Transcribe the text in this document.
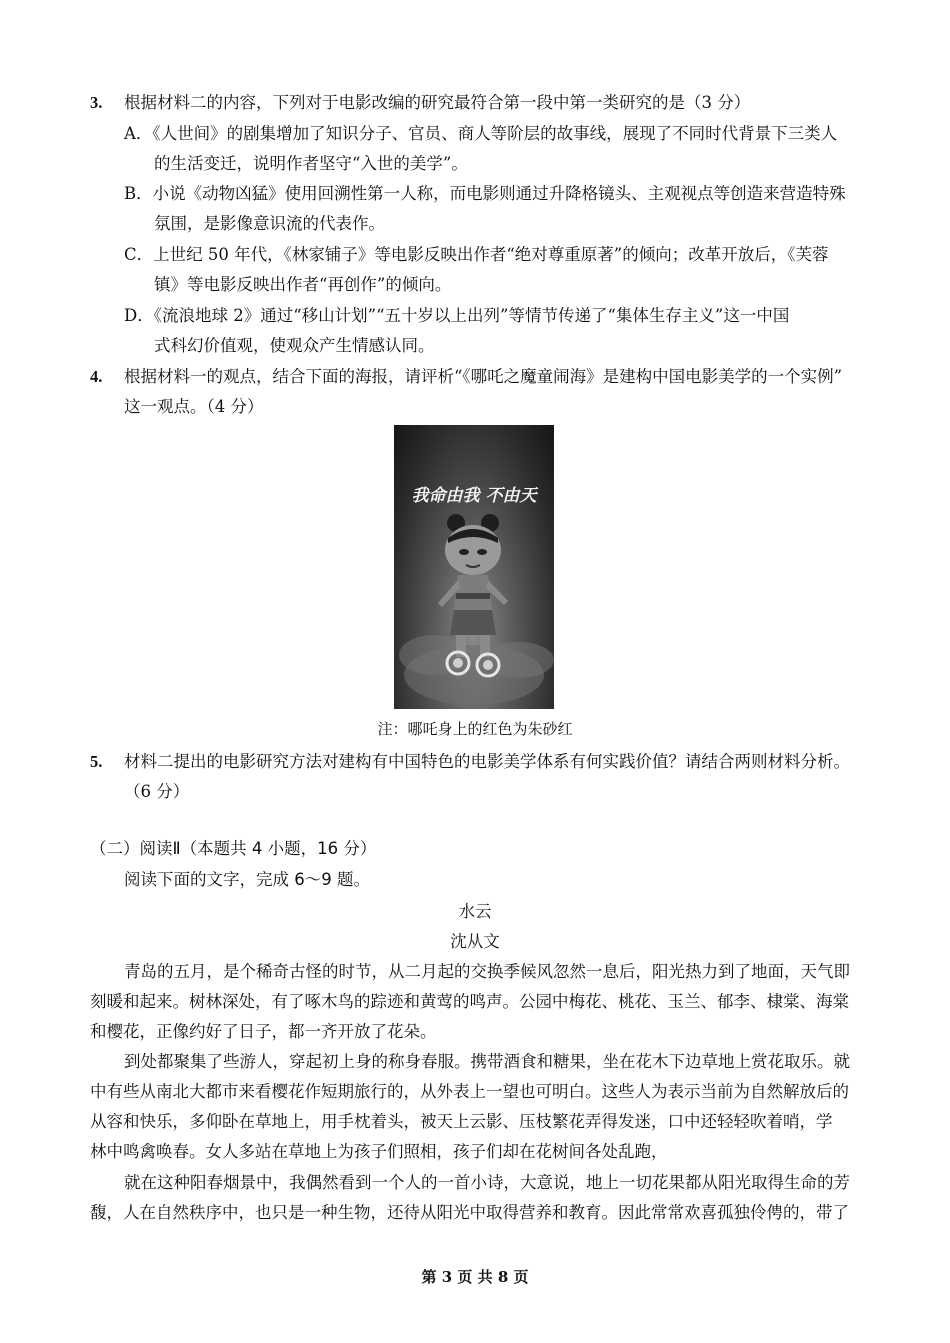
3. 根据材料二的内容，下列对于电影改编的研究最符合第一段中第一类研究的是（3 分）
A．《人世间》的剧集增加了知识分子、官员、商人等阶层的故事线，展现了不同时代背景下三类人
的生活变迁，说明作者坚守“入世的美学”。
B．小说《动物凶猛》使用回溯性第一人称，而电影则通过升降格镜头、主观视点等创造来营造特殊
氛围，是影像意识流的代表作。
C．上世纪 50 年代，《林家铺子》等电影反映出作者“绝对尊重原著”的倾向；改革开放后，《芙蓉
镇》等电影反映出作者“再创作”的倾向。
D．《流浪地球 2》通过“移山计划”“五十岁以上出列”等情节传递了“集体生存主义”这一中国
式科幻价值观，使观众产生情感认同。
4. 根据材料一的观点，结合下面的海报，请评析“《哪吒之魔童闹海》是建构中国电影美学的一个实例”
这一观点。（4 分）
我命由我 不由天
注：哪吒身上的红色为朱砂红
5. 材料二提出的电影研究方法对建构有中国特色的电影美学体系有何实践价值？请结合两则材料分析。
（6 分）
（二）阅读Ⅱ（本题共 4 小题，16 分）
阅读下面的文字，完成 6～9 题。
水云
沈从文
青岛的五月，是个稀奇古怪的时节，从二月起的交换季候风忽然一息后，阳光热力到了地面，天气即
刻暖和起来。树林深处，有了啄木鸟的踪迹和黄莺的鸣声。公园中梅花、桃花、玉兰、郁李、棣棠、海棠
和樱花，正像约好了日子，都一齐开放了花朵。
到处都聚集了些游人，穿起初上身的称身春服。携带酒食和糖果，坐在花木下边草地上赏花取乐。就
中有些从南北大都市来看樱花作短期旅行的，从外表上一望也可明白。这些人为表示当前为自然解放后的
从容和快乐，多仰卧在草地上，用手枕着头，被天上云影、压枝繁花弄得发迷，口中还轻轻吹着哨，学
林中鸣禽唤春。女人多站在草地上为孩子们照相，孩子们却在花树间各处乱跑，
就在这种阳春烟景中，我偶然看到一个人的一首小诗，大意说，地上一切花果都从阳光取得生命的芳
馥，人在自然秩序中，也只是一种生物，还待从阳光中取得营养和教育。因此常常欢喜孤独伶俜的，带了
第 3 页 共 8 页
